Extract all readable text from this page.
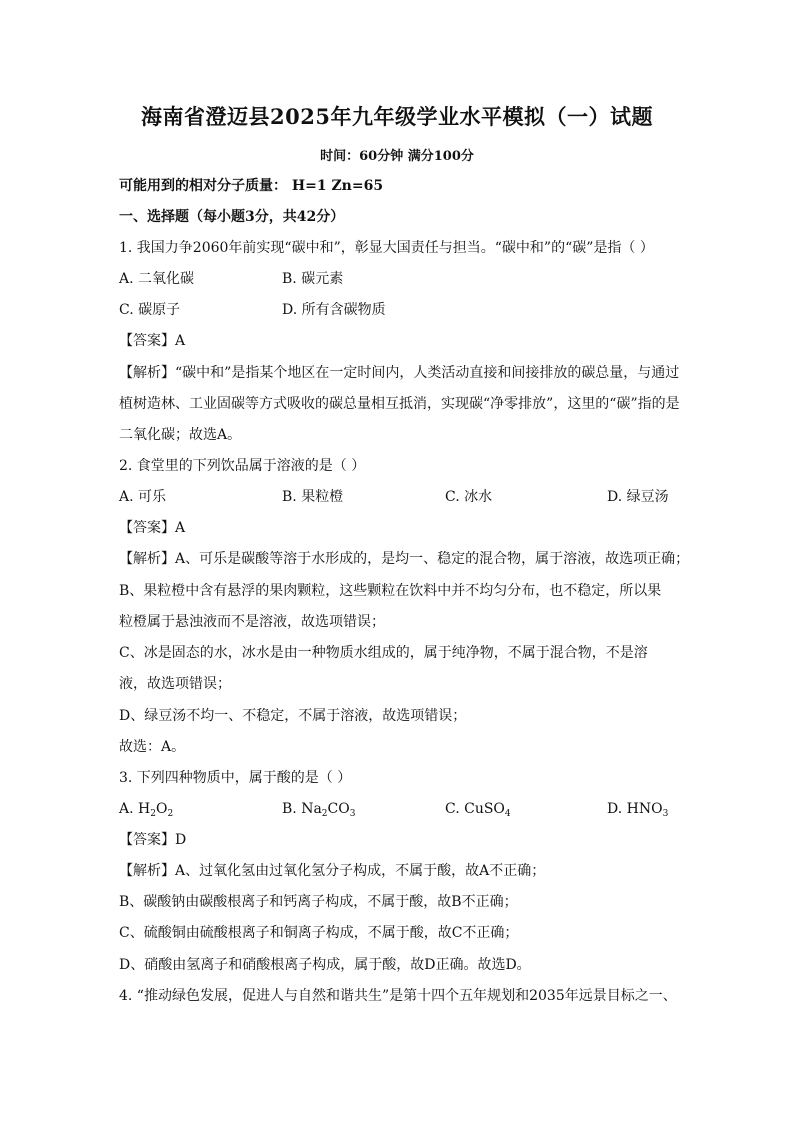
海南省澄迈县2025年九年级学业水平模拟（一）试题
时间：60分钟 满分100分
可能用到的相对分子质量： H=1 Zn=65
一、选择题（每小题3分，共42分）
1. 我国力争2060年前实现“碳中和”，彰显大国责任与担当。“碳中和”的“碳”是指（ ）
A. 二氧化碳	B. 碳元素
C. 碳原子	D. 所有含碳物质
【答案】A
【解析】“碳中和”是指某个地区在一定时间内，人类活动直接和间接排放的碳总量，与通过
植树造林、工业固碳等方式吸收的碳总量相互抵消，实现碳“净零排放”，这里的“碳”指的是
二氧化碳；故选A。
2. 食堂里的下列饮品属于溶液的是（ ）
A. 可乐	B. 果粒橙	C. 冰水	D. 绿豆汤
【答案】A
【解析】A、可乐是碳酸等溶于水形成的，是均一、稳定的混合物，属于溶液，故选项正确；
B、果粒橙中含有悬浮的果肉颗粒，这些颗粒在饮料中并不均匀分布，也不稳定，所以果
粒橙属于悬浊液而不是溶液，故选项错误；
C、冰是固态的水，冰水是由一种物质水组成的，属于纯净物，不属于混合物，不是溶
液，故选项错误；
D、绿豆汤不均一、不稳定，不属于溶液，故选项错误；
故选：A。
3. 下列四种物质中，属于酸的是（ ）
A. $H_2O_2$	B. $Na_2CO_3$	C. CuSO$_4$	D. $HNO_3$
【答案】D
【解析】A、过氧化氢由过氧化氢分子构成，不属于酸，故A不正确；
B、碳酸钠由碳酸根离子和钙离子构成，不属于酸，故B不正确；
C、硫酸铜由硫酸根离子和铜离子构成，不属于酸，故C不正确；
D、硝酸由氢离子和硝酸根离子构成，属于酸，故D正确。故选D。
4. “推动绿色发展，促进人与自然和谐共生”是第十四个五年规划和2035年远景目标之一、
